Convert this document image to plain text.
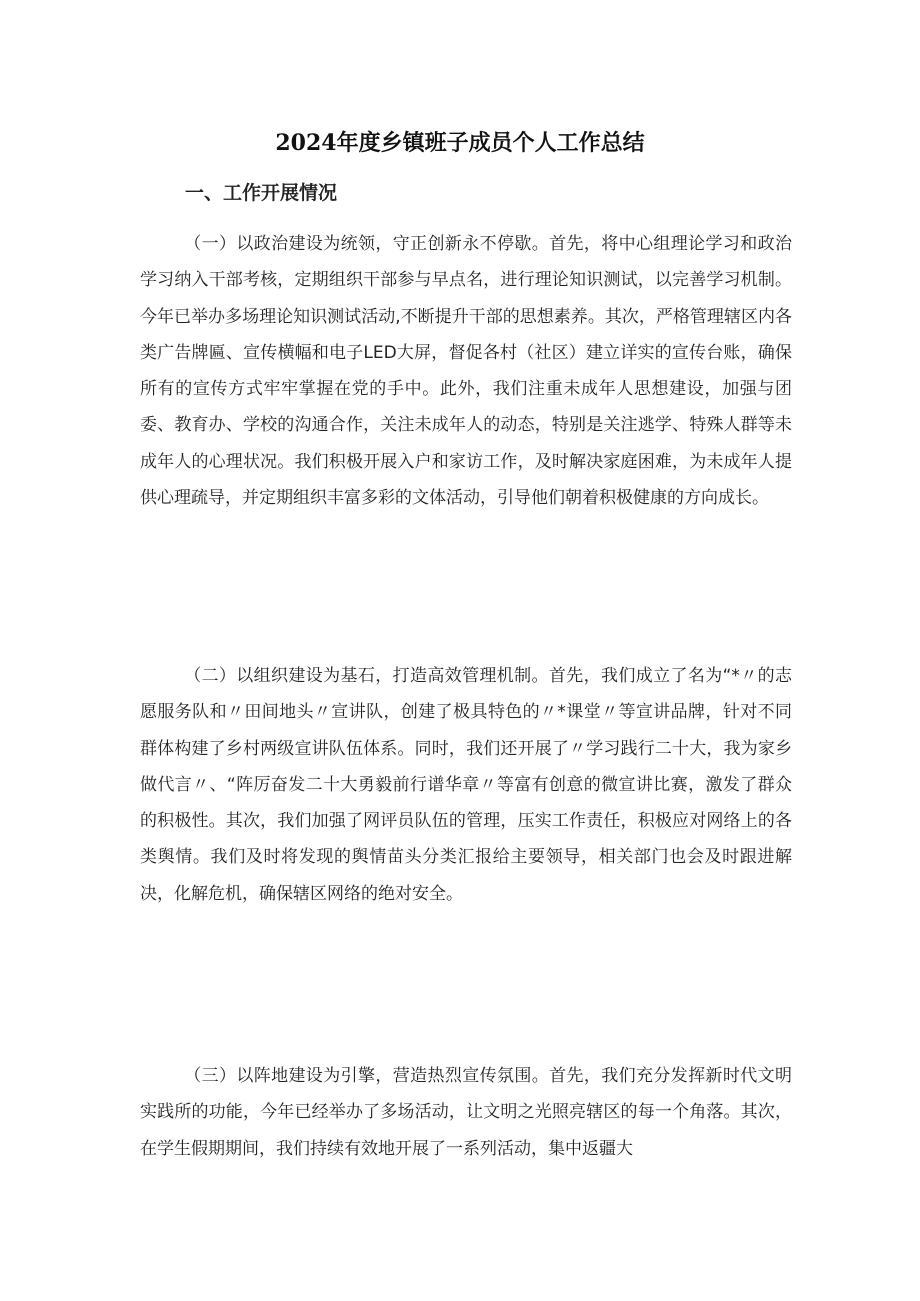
2024年度乡镇班子成员个人工作总结
一、工作开展情况

（一）以政治建设为统领，守正创新永不停歇。首先，将中心组理论学习和政治学习纳入干部考核，定期组织干部参与早点名，进行理论知识测试，以完善学习机制。今年已举办多场理论知识测试活动,不断提升干部的思想素养。其次，严格管理辖区内各类广告牌匾、宣传横幅和电子LED大屏，督促各村（社区）建立详实的宣传台账，确保所有的宣传方式牢牢掌握在党的手中。此外，我们注重未成年人思想建设，加强与团委、教育办、学校的沟通合作，关注未成年人的动态，特别是关注逃学、特殊人群等未成年人的心理状况。我们积极开展入户和家访工作，及时解决家庭困难，为未成年人提供心理疏导，并定期组织丰富多彩的文体活动，引导他们朝着积极健康的方向成长。

（二）以组织建设为基石，打造高效管理机制。首先，我们成立了名为“*〃的志愿服务队和〃田间地头〃宣讲队，创建了极具特色的〃*课堂〃等宣讲品牌，针对不同群体构建了乡村两级宣讲队伍体系。同时，我们还开展了〃学习践行二十大，我为家乡做代言〃、“阵厉奋发二十大勇毅前行谱华章〃等富有创意的微宣讲比赛，激发了群众的积极性。其次，我们加强了网评员队伍的管理，压实工作责任，积极应对网络上的各类舆情。我们及时将发现的舆情苗头分类汇报给主要领导，相关部门也会及时跟进解决，化解危机，确保辖区网络的绝对安全。

（三）以阵地建设为引擎，营造热烈宣传氛围。首先，我们充分发挥新时代文明实践所的功能，今年已经举办了多场活动，让文明之光照亮辖区的每一个角落。其次，在学生假期期间，我们持续有效地开展了一系列活动，集中返疆大
